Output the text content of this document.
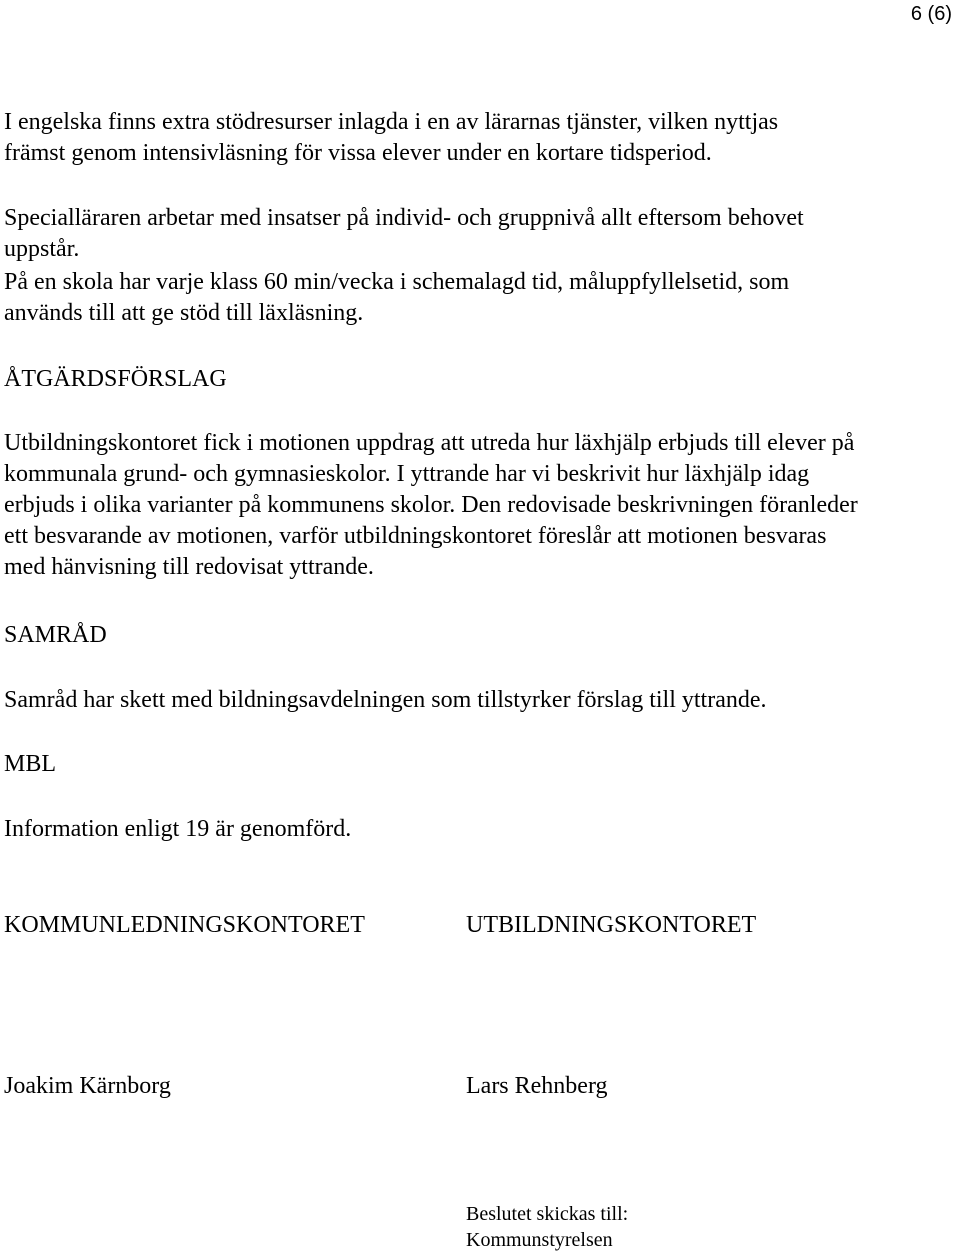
6 (6)

I engelska finns extra stödresurser inlagda i en av lärarnas tjänster, vilken nyttjas
främst genom intensivläsning för vissa elever under en kortare tidsperiod.

Specialläraren arbetar med insatser på individ- och gruppnivå allt eftersom behovet
uppstår.

På en skola har varje klass 60 min/vecka i schemalagd tid, måluppfyllelsetid, som
används till att ge stöd till läxläsning.

ÅTGÄRDSFÖRSLAG

Utbildningskontoret fick i motionen uppdrag att utreda hur läxhjälp erbjuds till elever på
kommunala grund- och gymnasieskolor. I yttrande har vi beskrivit hur läxhjälp idag
erbjuds i olika varianter på kommunens skolor. Den redovisade beskrivningen föranleder
ett besvarande av motionen, varför utbildningskontoret föreslår att motionen besvaras
med hänvisning till redovisat yttrande.

SAMRÅD

Samråd har skett med bildningsavdelningen som tillstyrker förslag till yttrande.

MBL

Information enligt 19 är genomförd.

KOMMUNLEDNINGSKONTORET	UTBILDNINGSKONTORET

Joakim Kärnborg	Lars Rehnberg

Beslutet skickas till:
Kommunstyrelsen
